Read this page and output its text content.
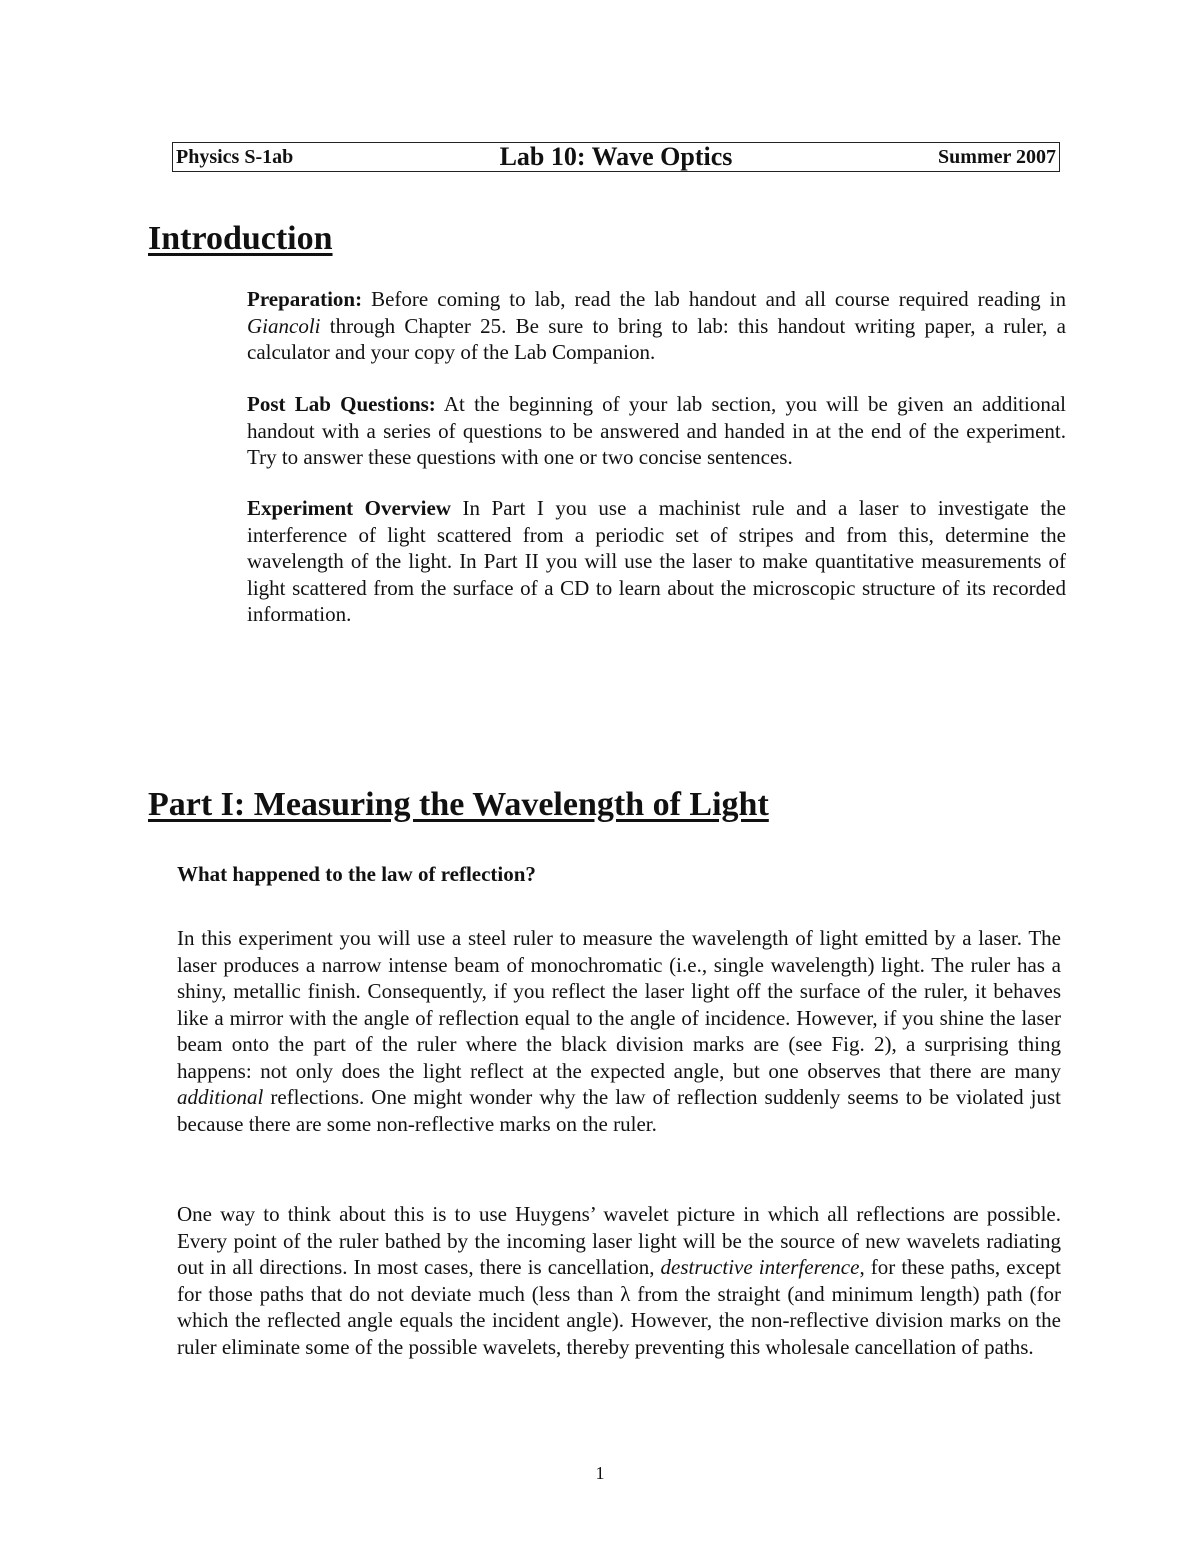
Physics S-1ab	Lab 10: Wave Optics	Summer 2007
Introduction

Preparation: Before coming to lab, read the lab handout and all course required reading in Giancoli through Chapter 25. Be sure to bring to lab: this handout writing paper, a ruler, a calculator and your copy of the Lab Companion.

Post Lab Questions: At the beginning of your lab section, you will be given an additional handout with a series of questions to be answered and handed in at the end of the experiment. Try to answer these questions with one or two concise sentences.

Experiment Overview In Part I you use a machinist rule and a laser to investigate the interference of light scattered from a periodic set of stripes and from this, determine the wavelength of the light. In Part II you will use the laser to make quantitative measurements of light scattered from the surface of a CD to learn about the microscopic structure of its recorded information.

Part I: Measuring the Wavelength of Light

What happened to the law of reflection?

In this experiment you will use a steel ruler to measure the wavelength of light emitted by a laser. The laser produces a narrow intense beam of monochromatic (i.e., single wavelength) light. The ruler has a shiny, metallic finish. Consequently, if you reflect the laser light off the surface of the ruler, it behaves like a mirror with the angle of reflection equal to the angle of incidence. However, if you shine the laser beam onto the part of the ruler where the black division marks are (see Fig. 2), a surprising thing happens: not only does the light reflect at the expected angle, but one observes that there are many additional reflections. One might wonder why the law of reflection suddenly seems to be violated just because there are some non-reflective marks on the ruler.

One way to think about this is to use Huygens’ wavelet picture in which all reflections are possible. Every point of the ruler bathed by the incoming laser light will be the source of new wavelets radiating out in all directions. In most cases, there is cancellation, destructive interference, for these paths, except for those paths that do not deviate much (less than λ from the straight (and minimum length) path (for which the reflected angle equals the incident angle). However, the non-reflective division marks on the ruler eliminate some of the possible wavelets, thereby preventing this wholesale cancellation of paths.

1
